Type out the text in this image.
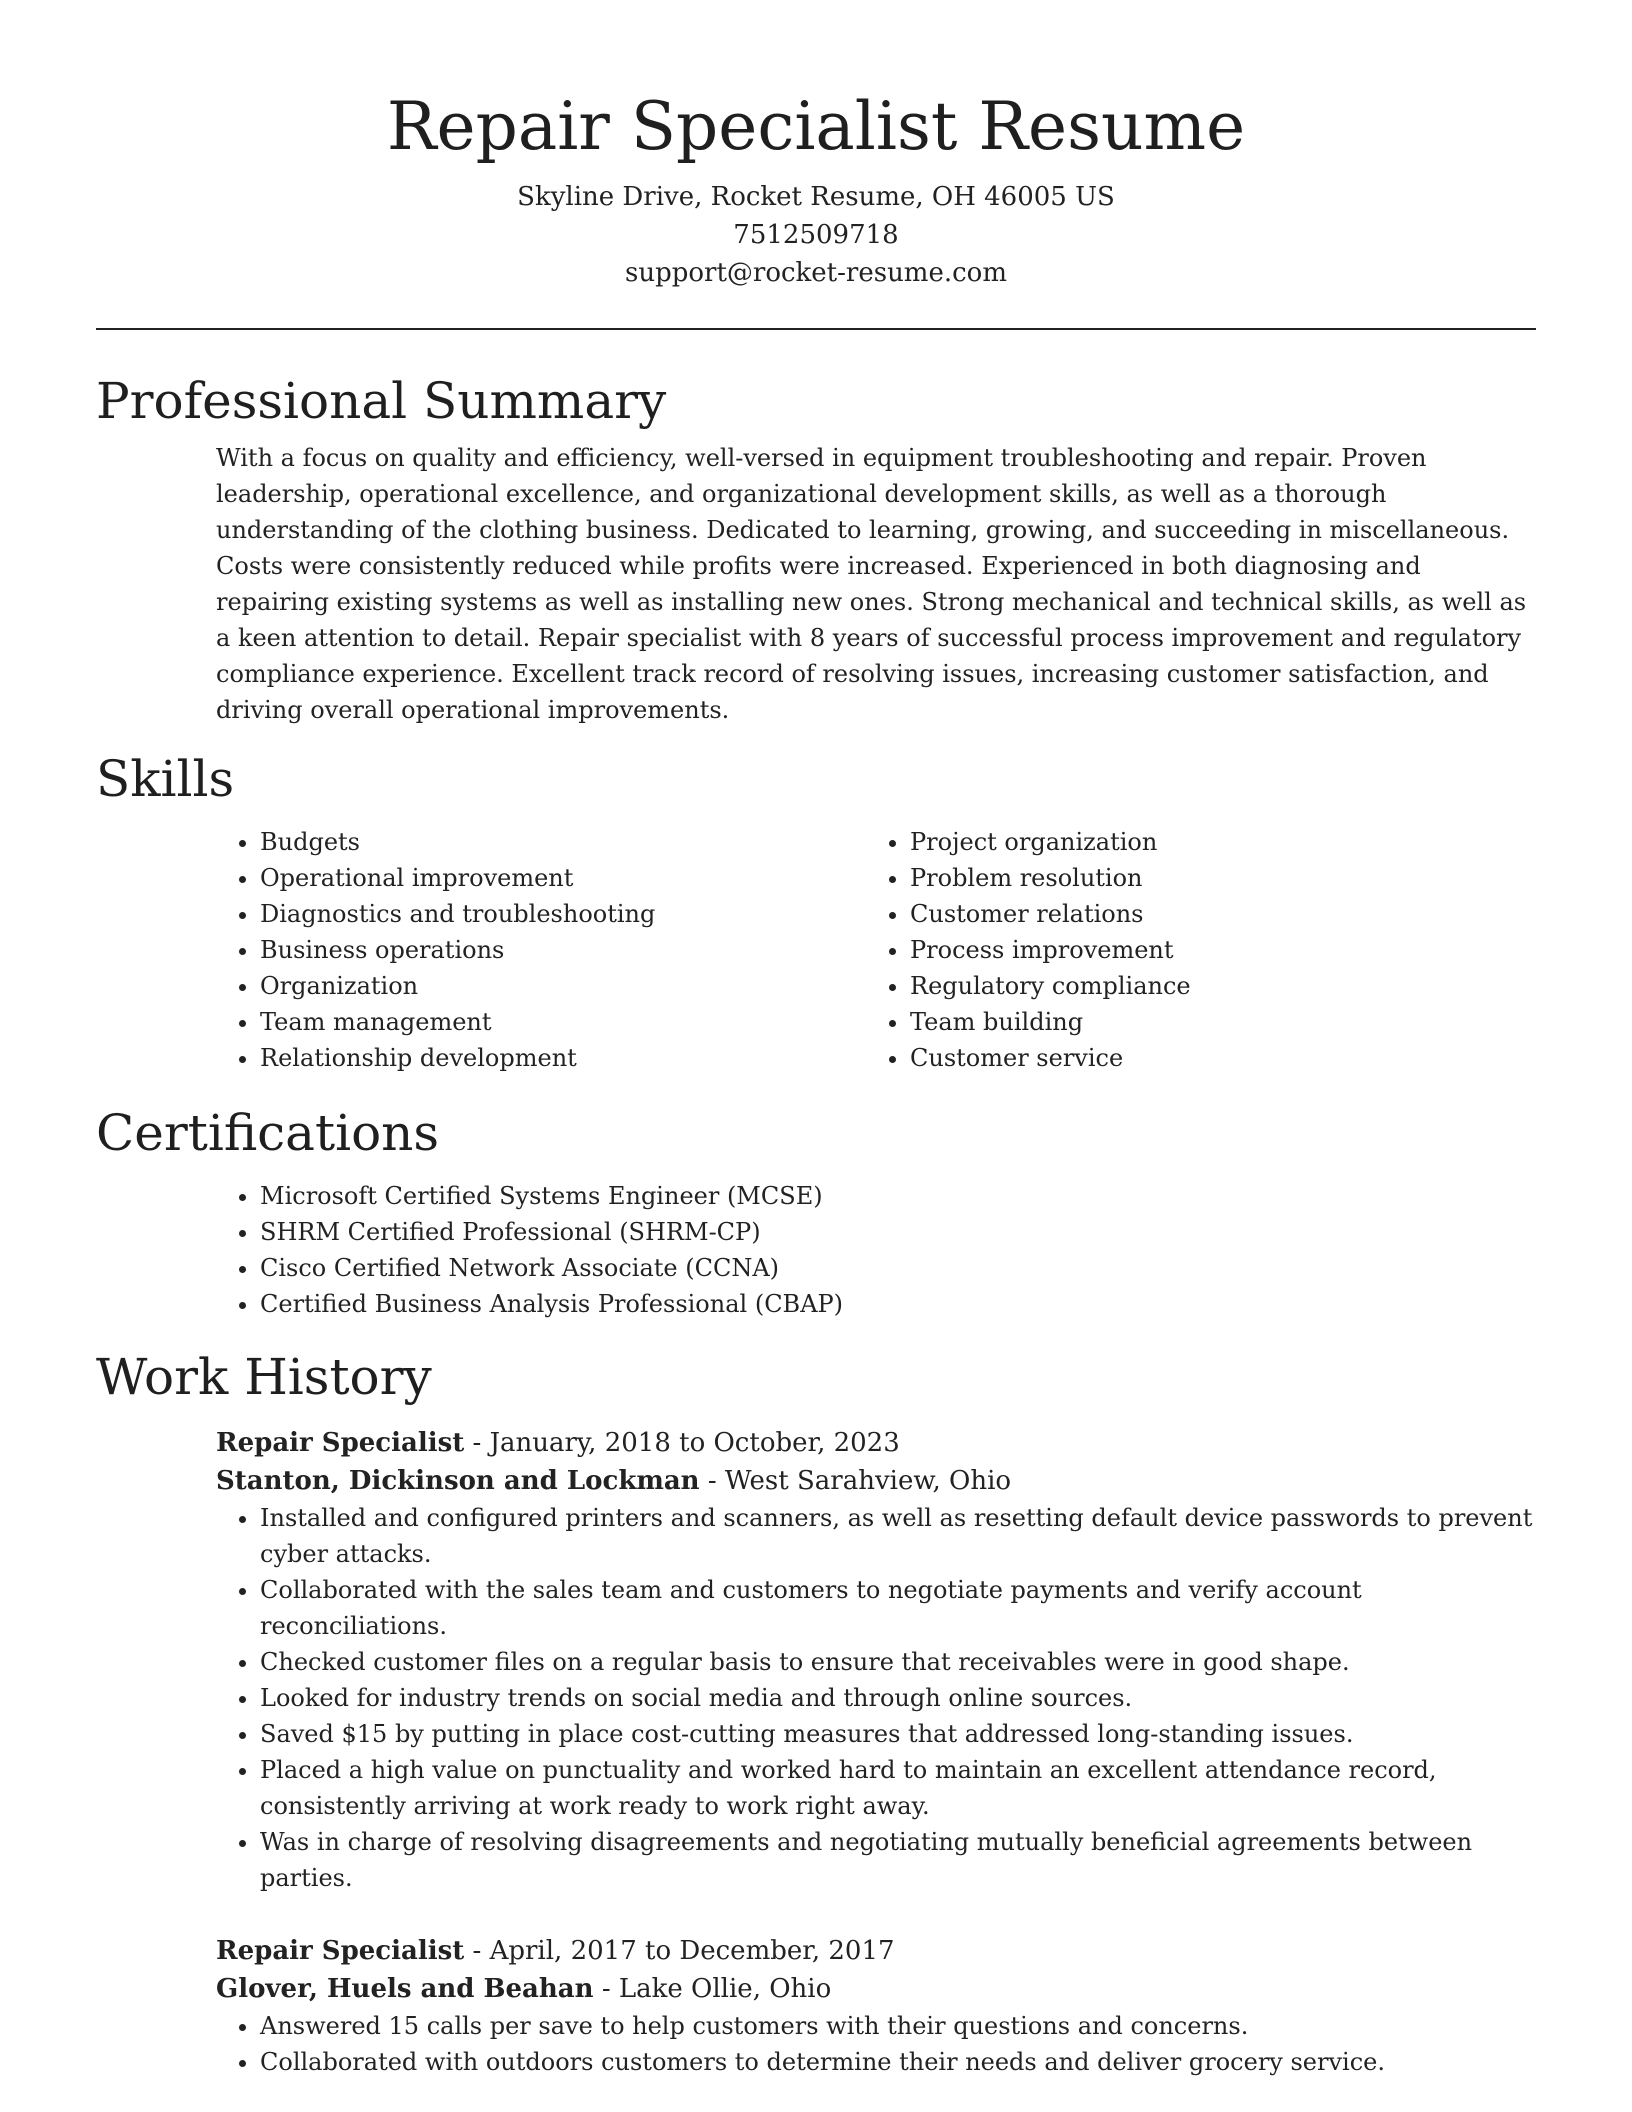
Repair Specialist Resume
Skyline Drive, Rocket Resume, OH 46005 US
7512509718
support@rocket-resume.com
Professional Summary
With a focus on quality and efficiency, well-versed in equipment troubleshooting and repair. Proven leadership, operational excellence, and organizational development skills, as well as a thorough understanding of the clothing business. Dedicated to learning, growing, and succeeding in miscellaneous. Costs were consistently reduced while profits were increased. Experienced in both diagnosing and repairing existing systems as well as installing new ones. Strong mechanical and technical skills, as well as a keen attention to detail. Repair specialist with 8 years of successful process improvement and regulatory compliance experience. Excellent track record of resolving issues, increasing customer satisfaction, and driving overall operational improvements.
Skills
• Budgets
• Operational improvement
• Diagnostics and troubleshooting
• Business operations
• Organization
• Team management
• Relationship development
• Project organization
• Problem resolution
• Customer relations
• Process improvement
• Regulatory compliance
• Team building
• Customer service
Certifications
• Microsoft Certified Systems Engineer (MCSE)
• SHRM Certified Professional (SHRM-CP)
• Cisco Certified Network Associate (CCNA)
• Certified Business Analysis Professional (CBAP)
Work History
Repair Specialist - January, 2018 to October, 2023
Stanton, Dickinson and Lockman - West Sarahview, Ohio
• Installed and configured printers and scanners, as well as resetting default device passwords to prevent cyber attacks.
• Collaborated with the sales team and customers to negotiate payments and verify account reconciliations.
• Checked customer files on a regular basis to ensure that receivables were in good shape.
• Looked for industry trends on social media and through online sources.
• Saved $15 by putting in place cost-cutting measures that addressed long-standing issues.
• Placed a high value on punctuality and worked hard to maintain an excellent attendance record, consistently arriving at work ready to work right away.
• Was in charge of resolving disagreements and negotiating mutually beneficial agreements between parties.
Repair Specialist - April, 2017 to December, 2017
Glover, Huels and Beahan - Lake Ollie, Ohio
• Answered 15 calls per save to help customers with their questions and concerns.
• Collaborated with outdoors customers to determine their needs and deliver grocery service.
